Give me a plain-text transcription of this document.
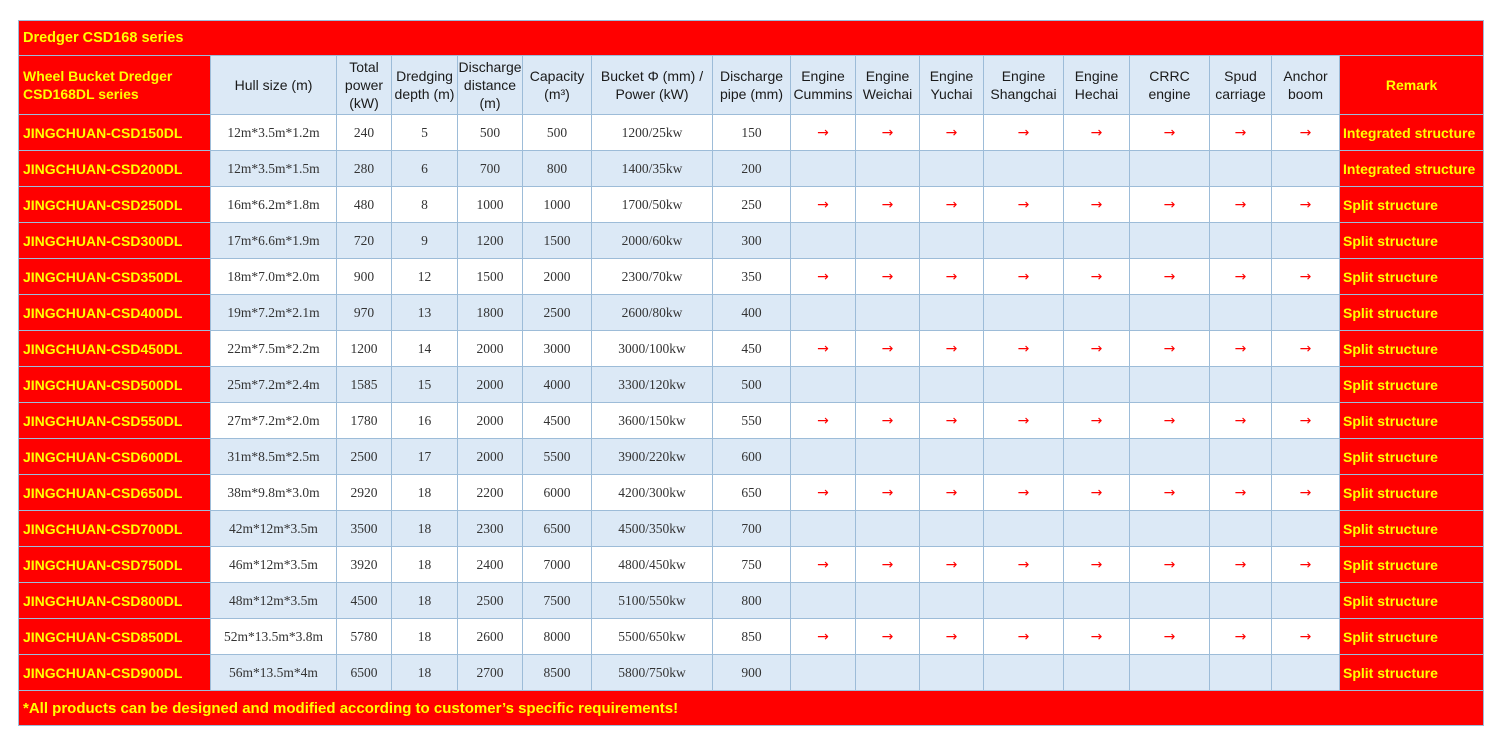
Dredger CSD168 series																
Wheel Bucket Dredger CSD168DL series	Hull size (m)	Total power (kW)	Dredging depth (m)	Discharge distance (m)	Capacity (m³)	Bucket Φ (mm) / Power (kW)	Discharge pipe (mm)	Engine Cummins	Engine Weichai	Engine Yuchai	Engine Shangchai	Engine Hechai	CRRC engine	Spud carriage	Anchor boom	Remark
JINGCHUAN-CSD150DL	12m*3.5m*1.2m	240	5	500	500	1200/25kw	150	→	→	→	→	→	→	→	→	Integrated structure
JINGCHUAN-CSD200DL	12m*3.5m*1.5m	280	6	700	800	1400/35kw	200									Integrated structure
JINGCHUAN-CSD250DL	16m*6.2m*1.8m	480	8	1000	1000	1700/50kw	250	→	→	→	→	→	→	→	→	Split structure
JINGCHUAN-CSD300DL	17m*6.6m*1.9m	720	9	1200	1500	2000/60kw	300									Split structure
JINGCHUAN-CSD350DL	18m*7.0m*2.0m	900	12	1500	2000	2300/70kw	350	→	→	→	→	→	→	→	→	Split structure
JINGCHUAN-CSD400DL	19m*7.2m*2.1m	970	13	1800	2500	2600/80kw	400									Split structure
JINGCHUAN-CSD450DL	22m*7.5m*2.2m	1200	14	2000	3000	3000/100kw	450	→	→	→	→	→	→	→	→	Split structure
JINGCHUAN-CSD500DL	25m*7.2m*2.4m	1585	15	2000	4000	3300/120kw	500									Split structure
JINGCHUAN-CSD550DL	27m*7.2m*2.0m	1780	16	2000	4500	3600/150kw	550	→	→	→	→	→	→	→	→	Split structure
JINGCHUAN-CSD600DL	31m*8.5m*2.5m	2500	17	2000	5500	3900/220kw	600									Split structure
JINGCHUAN-CSD650DL	38m*9.8m*3.0m	2920	18	2200	6000	4200/300kw	650	→	→	→	→	→	→	→	→	Split structure
JINGCHUAN-CSD700DL	42m*12m*3.5m	3500	18	2300	6500	4500/350kw	700									Split structure
JINGCHUAN-CSD750DL	46m*12m*3.5m	3920	18	2400	7000	4800/450kw	750	→	→	→	→	→	→	→	→	Split structure
JINGCHUAN-CSD800DL	48m*12m*3.5m	4500	18	2500	7500	5100/550kw	800									Split structure
JINGCHUAN-CSD850DL	52m*13.5m*3.8m	5780	18	2600	8000	5500/650kw	850	→	→	→	→	→	→	→	→	Split structure
JINGCHUAN-CSD900DL	56m*13.5m*4m	6500	18	2700	8500	5800/750kw	900									Split structure
*All products can be designed and modified according to customer’s specific requirements!																
